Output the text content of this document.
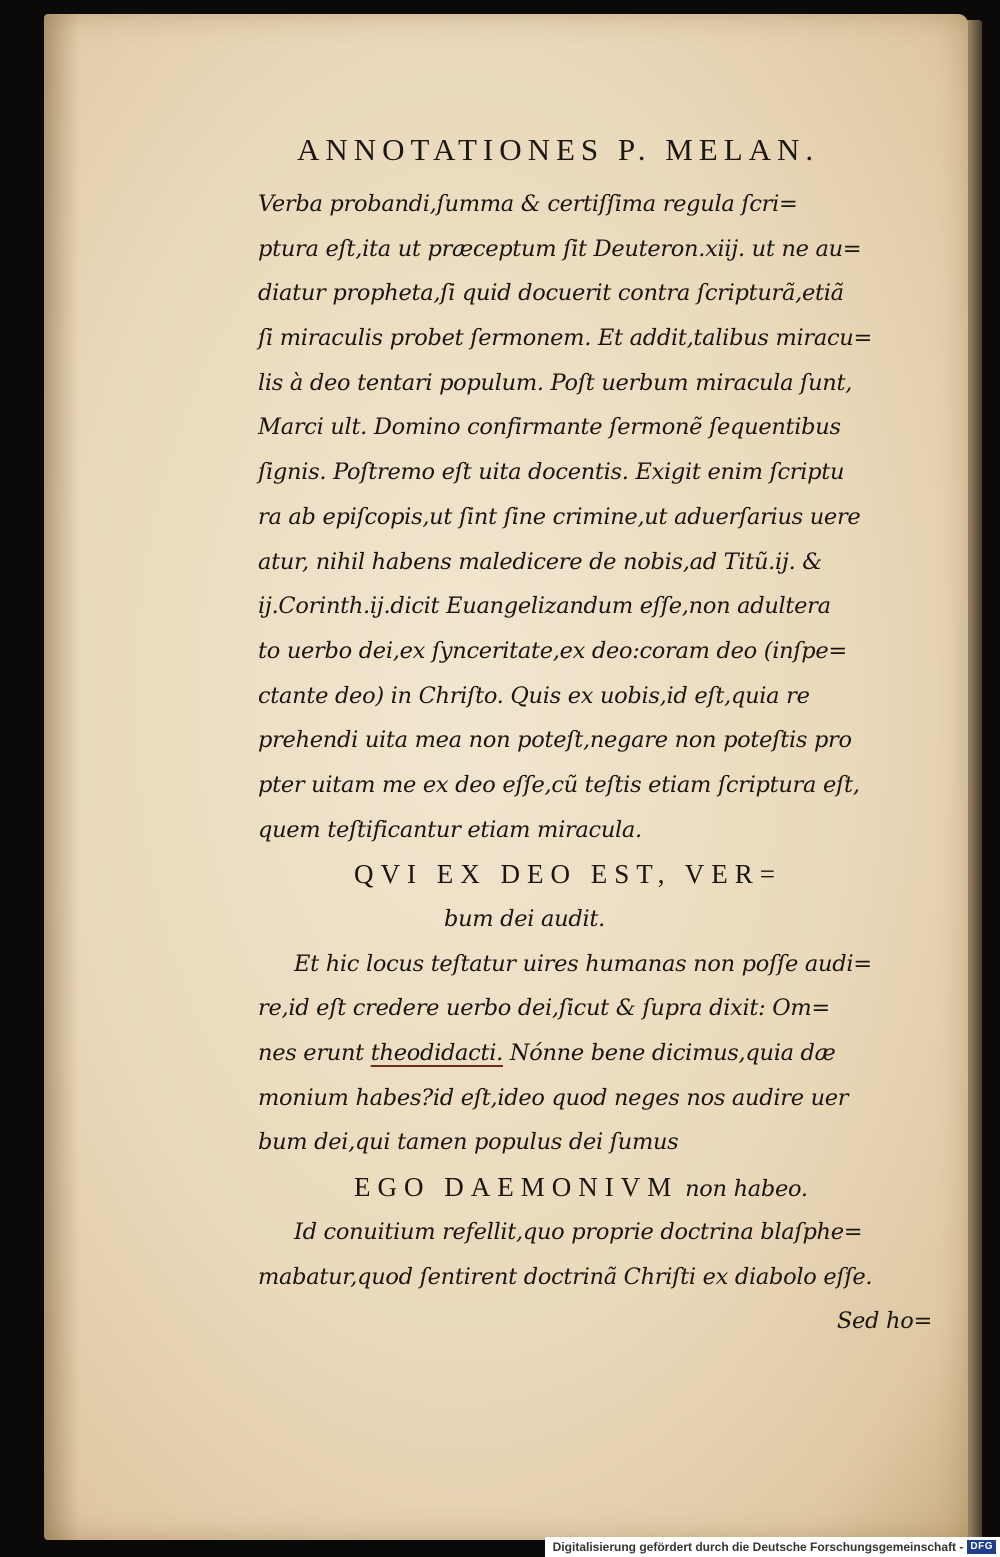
ANNOTATIONES P. MELAN.
Verba probandi,ſumma & certiſſima regula ſcri=
ptura eſt,ita ut præceptum ſit Deuteron.xiij. ut ne au=
diatur propheta,ſi quid docuerit contra ſcripturã,etiã
ſi miraculis probet ſermonem. Et addit,talibus miracu=
lis à deo tentari populum. Poſt uerbum miracula ſunt,
Marci ult. Domino confirmante ſermonẽ ſequentibus
ſignis. Poſtremo eſt uita docentis. Exigit enim ſcriptu
ra ab epiſcopis,ut ſint ſine crimine,ut aduerſarius uere
atur, nihil habens maledicere de nobis,ad Titũ.ij. &
ij.Corinth.ij.dicit Euangelizandum eſſe,non adultera
to uerbo dei,ex ſynceritate,ex deo:coram deo (inſpe=
ctante deo) in Chriſto. Quis ex uobis,id eſt,quia re
prehendi uita mea non poteſt,negare non poteſtis pro
pter uitam me ex deo eſſe,cũ teſtis etiam ſcriptura eſt,
quem teſtificantur etiam miracula.
QVI EX DEO EST, VER=
bum dei audit.
Et hic locus teſtatur uires humanas non poſſe audi=
re,id eſt credere uerbo dei,ſicut & ſupra dixit: Om=
nes erunt theodidacti. Nónne bene dicimus,quia dæ
monium habes?id eſt,ideo quod neges nos audire uer
bum dei,qui tamen populus dei ſumus
EGO DAEMONIVM non habeo.
Id conuitium refellit,quo proprie doctrina blaſphe=
mabatur,quod ſentirent doctrinã Chriſti ex diabolo eſſe.
Sed ho=
Digitalisierung gefördert durch die Deutsche Forschungsgemeinschaft - DFG
